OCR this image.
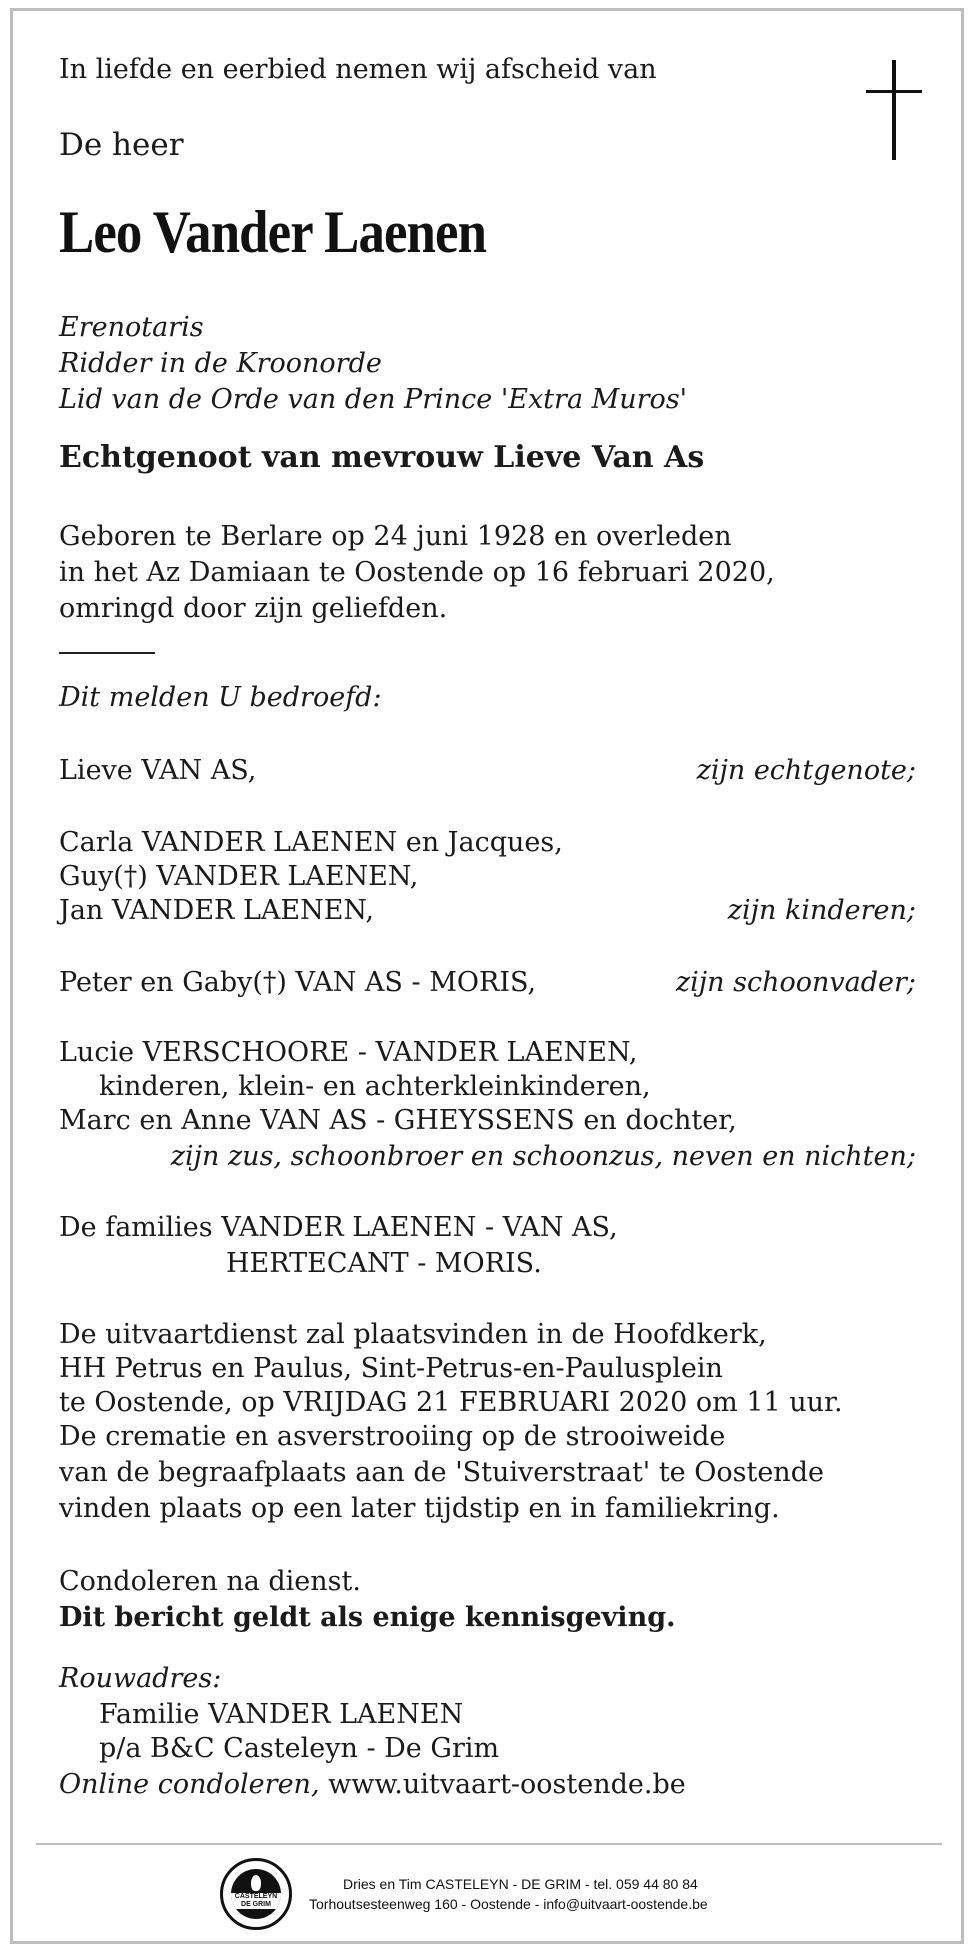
In liefde en eerbied nemen wij afscheid van
De heer
Leo Vander Laenen
Erenotaris
Ridder in de Kroonorde
Lid van de Orde van den Prince 'Extra Muros'
Echtgenoot van mevrouw Lieve Van As
Geboren te Berlare op 24 juni 1928 en overleden
in het Az Damiaan te Oostende op 16 februari 2020,
omringd door zijn geliefden.
Dit melden U bedroefd:
Lieve VAN AS,	zijn echtgenote;
Carla VANDER LAENEN en Jacques,
Guy(†) VANDER LAENEN,
Jan VANDER LAENEN,	zijn kinderen;
Peter en Gaby(†) VAN AS - MORIS,	zijn schoonvader;
Lucie VERSCHOORE - VANDER LAENEN,
kinderen, klein- en achterkleinkinderen,
Marc en Anne VAN AS - GHEYSSENS en dochter,
zijn zus, schoonbroer en schoonzus, neven en nichten;
De families VANDER LAENEN - VAN AS,
HERTECANT - MORIS.
De uitvaartdienst zal plaatsvinden in de Hoofdkerk,
HH Petrus en Paulus, Sint-Petrus-en-Paulusplein
te Oostende, op VRIJDAG 21 FEBRUARI 2020 om 11 uur.
De crematie en asverstrooiing op de strooiweide
van de begraafplaats aan de 'Stuiverstraat' te Oostende
vinden plaats op een later tijdstip en in familiekring.
Condoleren na dienst.
Dit bericht geldt als enige kennisgeving.
Rouwadres:
Familie VANDER LAENEN
p/a B&C Casteleyn - De Grim
Online condoleren, www.uitvaart-oostende.be
CASTELEYN
DE GRIM
Dries en Tim CASTELEYN - DE GRIM - tel. 059 44 80 84
Torhoutsesteenweg 160 - Oostende - info@uitvaart-oostende.be
